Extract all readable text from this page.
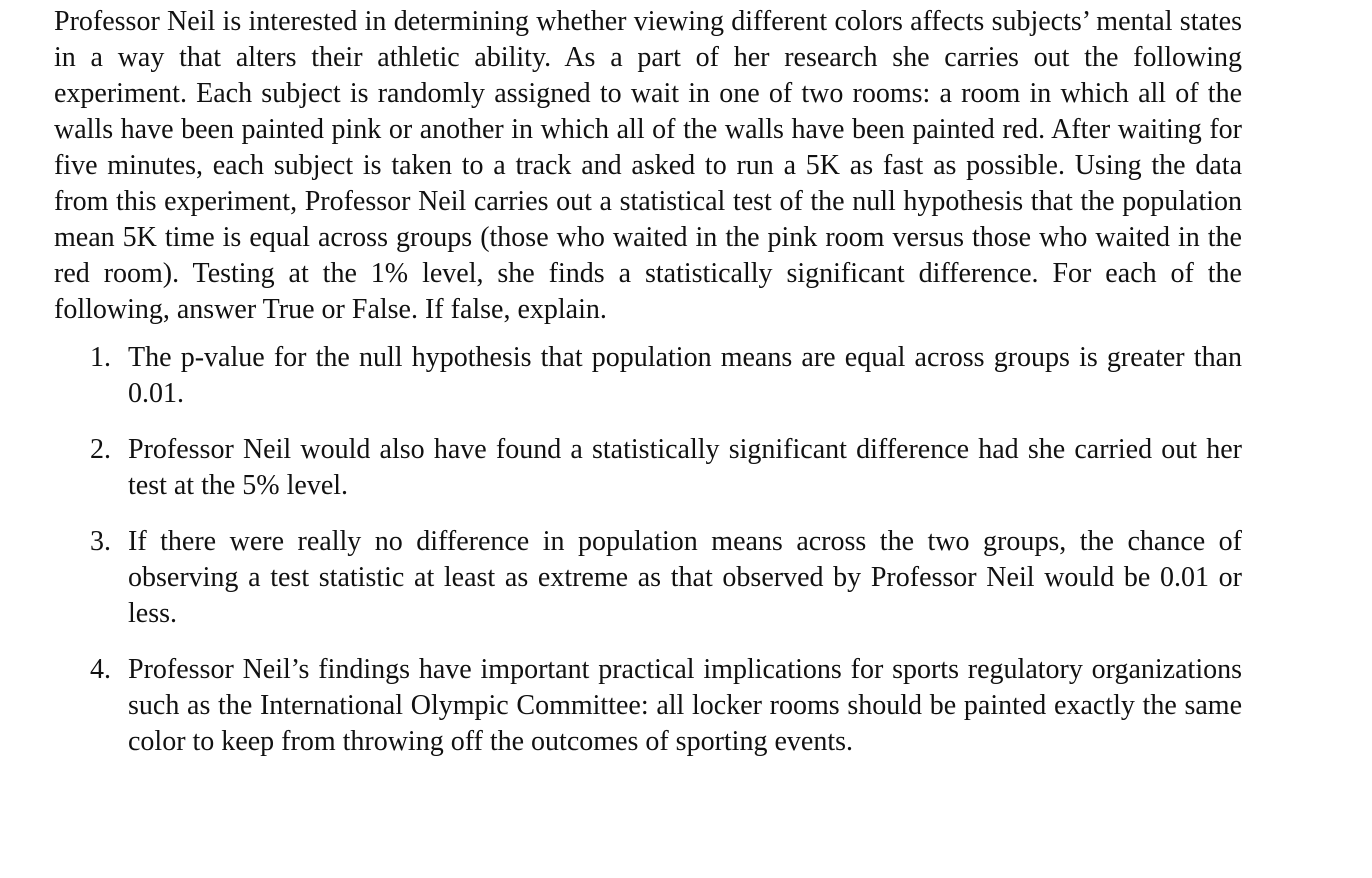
Professor Neil is interested in determining whether viewing different colors affects subjects’ mental states in a way that alters their athletic ability. As a part of her research she carries out the following experiment. Each subject is randomly assigned to wait in one of two rooms: a room in which all of the walls have been painted pink or another in which all of the walls have been painted red. After waiting for five minutes, each subject is taken to a track and asked to run a 5K as fast as possible. Using the data from this experiment, Professor Neil carries out a statistical test of the null hypothesis that the population mean 5K time is equal across groups (those who waited in the pink room versus those who waited in the red room). Testing at the 1% level, she finds a statistically significant difference. For each of the following, answer True or False. If false, explain.

1. The p-value for the null hypothesis that population means are equal across groups is greater than 0.01.
2. Professor Neil would also have found a statistically significant difference had she carried out her test at the 5% level.
3. If there were really no difference in population means across the two groups, the chance of observing a test statistic at least as extreme as that observed by Professor Neil would be 0.01 or less.
4. Professor Neil’s findings have important practical implications for sports regulatory organizations such as the International Olympic Committee: all locker rooms should be painted exactly the same color to keep from throwing off the outcomes of sporting events.
